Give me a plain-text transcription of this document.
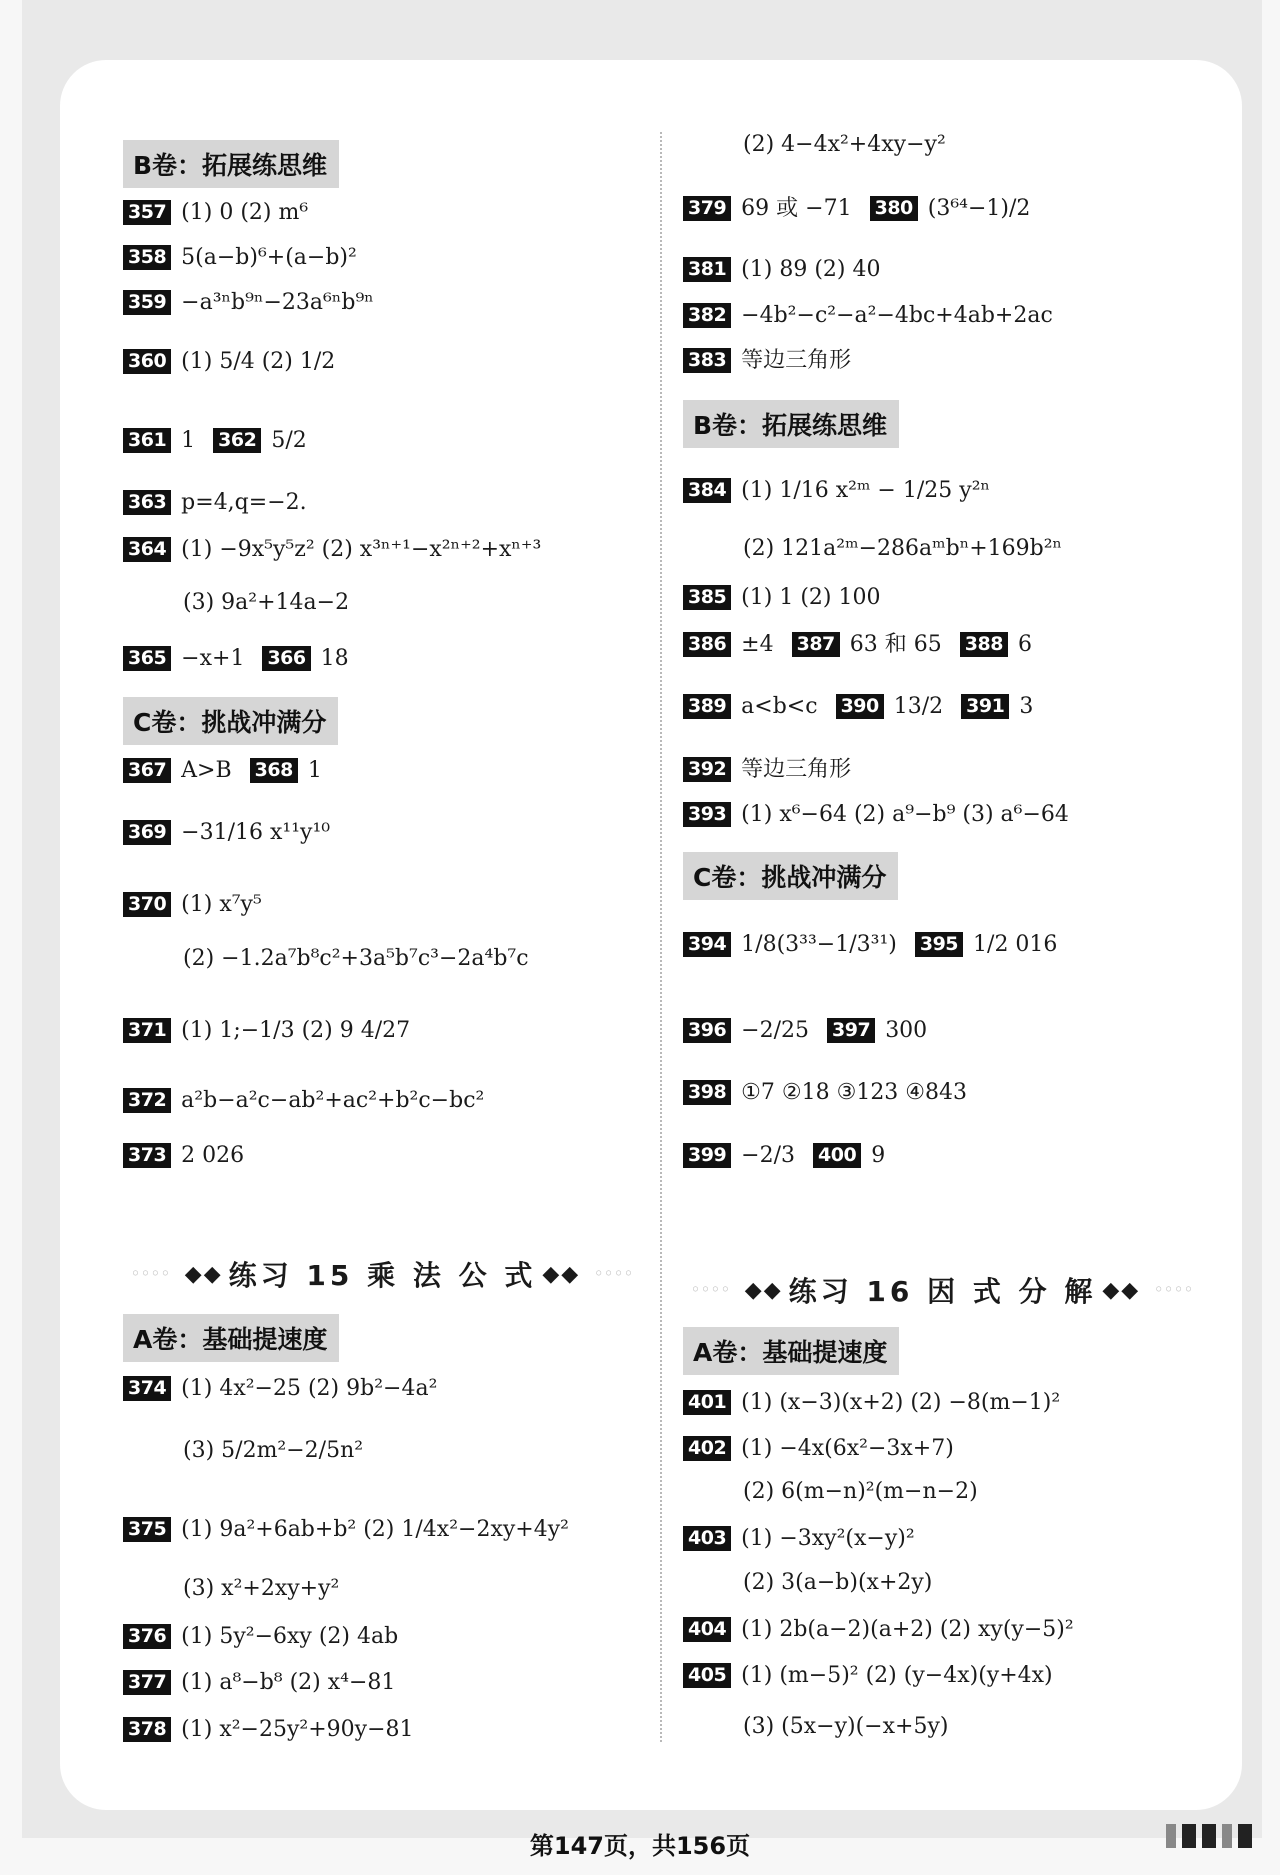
B卷：拓展练思维
357 (1) 0 (2) m⁶
358 5(a−b)⁶+(a−b)²
359 −a³ⁿb⁹ⁿ−23a⁶ⁿb⁹ⁿ
360 (1) 5/4 (2) 1/2
361 1 362 5/2
363 p=4,q=−2.
364 (1) −9x⁵y⁵z² (2) x³ⁿ⁺¹−x²ⁿ⁺²+xⁿ⁺³
(3) 9a²+14a−2
365 −x+1 366 18
C卷：挑战冲满分
367 A>B 368 1
369 −31/16 x¹¹y¹⁰
370 (1) x⁷y⁵
(2) −1.2a⁷b⁸c²+3a⁵b⁷c³−2a⁴b⁷c
371 (1) 1;−1/3 (2) 9 4/27
372 a²b−a²c−ab²+ac²+b²c−bc²
373 2 026
◦◦◦◦ ◆◆ 练习 15 乘 法 公 式 ◆◆ ◦◦◦◦
A卷：基础提速度
374 (1) 4x²−25 (2) 9b²−4a²
(3) 5/2m²−2/5n²
375 (1) 9a²+6ab+b² (2) 1/4x²−2xy+4y²
(3) x²+2xy+y²
376 (1) 5y²−6xy (2) 4ab
377 (1) a⁸−b⁸ (2) x⁴−81
378 (1) x²−25y²+90y−81
(2) 4−4x²+4xy−y²
379 69 或 −71 380 (3⁶⁴−1)/2
381 (1) 89 (2) 40
382 −4b²−c²−a²−4bc+4ab+2ac
383 等边三角形
B卷：拓展练思维
384 (1) 1/16 x²ᵐ − 1/25 y²ⁿ
(2) 121a²ᵐ−286aᵐbⁿ+169b²ⁿ
385 (1) 1 (2) 100
386 ±4 387 63 和 65 388 6
389 a<b<c 390 13/2 391 3
392 等边三角形
393 (1) x⁶−64 (2) a⁹−b⁹ (3) a⁶−64
C卷：挑战冲满分
394 1/8(3³³−1/3³¹) 395 1/2 016
396 −2/25 397 300
398 ①7 ②18 ③123 ④843
399 −2/3 400 9
◦◦◦◦ ◆◆ 练习 16 因 式 分 解 ◆◆ ◦◦◦◦
A卷：基础提速度
401 (1) (x−3)(x+2) (2) −8(m−1)²
402 (1) −4x(6x²−3x+7)
(2) 6(m−n)²(m−n−2)
403 (1) −3xy²(x−y)²
(2) 3(a−b)(x+2y)
404 (1) 2b(a−2)(a+2) (2) xy(y−5)²
405 (1) (m−5)² (2) (y−4x)(y+4x)
(3) (5x−y)(−x+5y)
第147页，共156页
